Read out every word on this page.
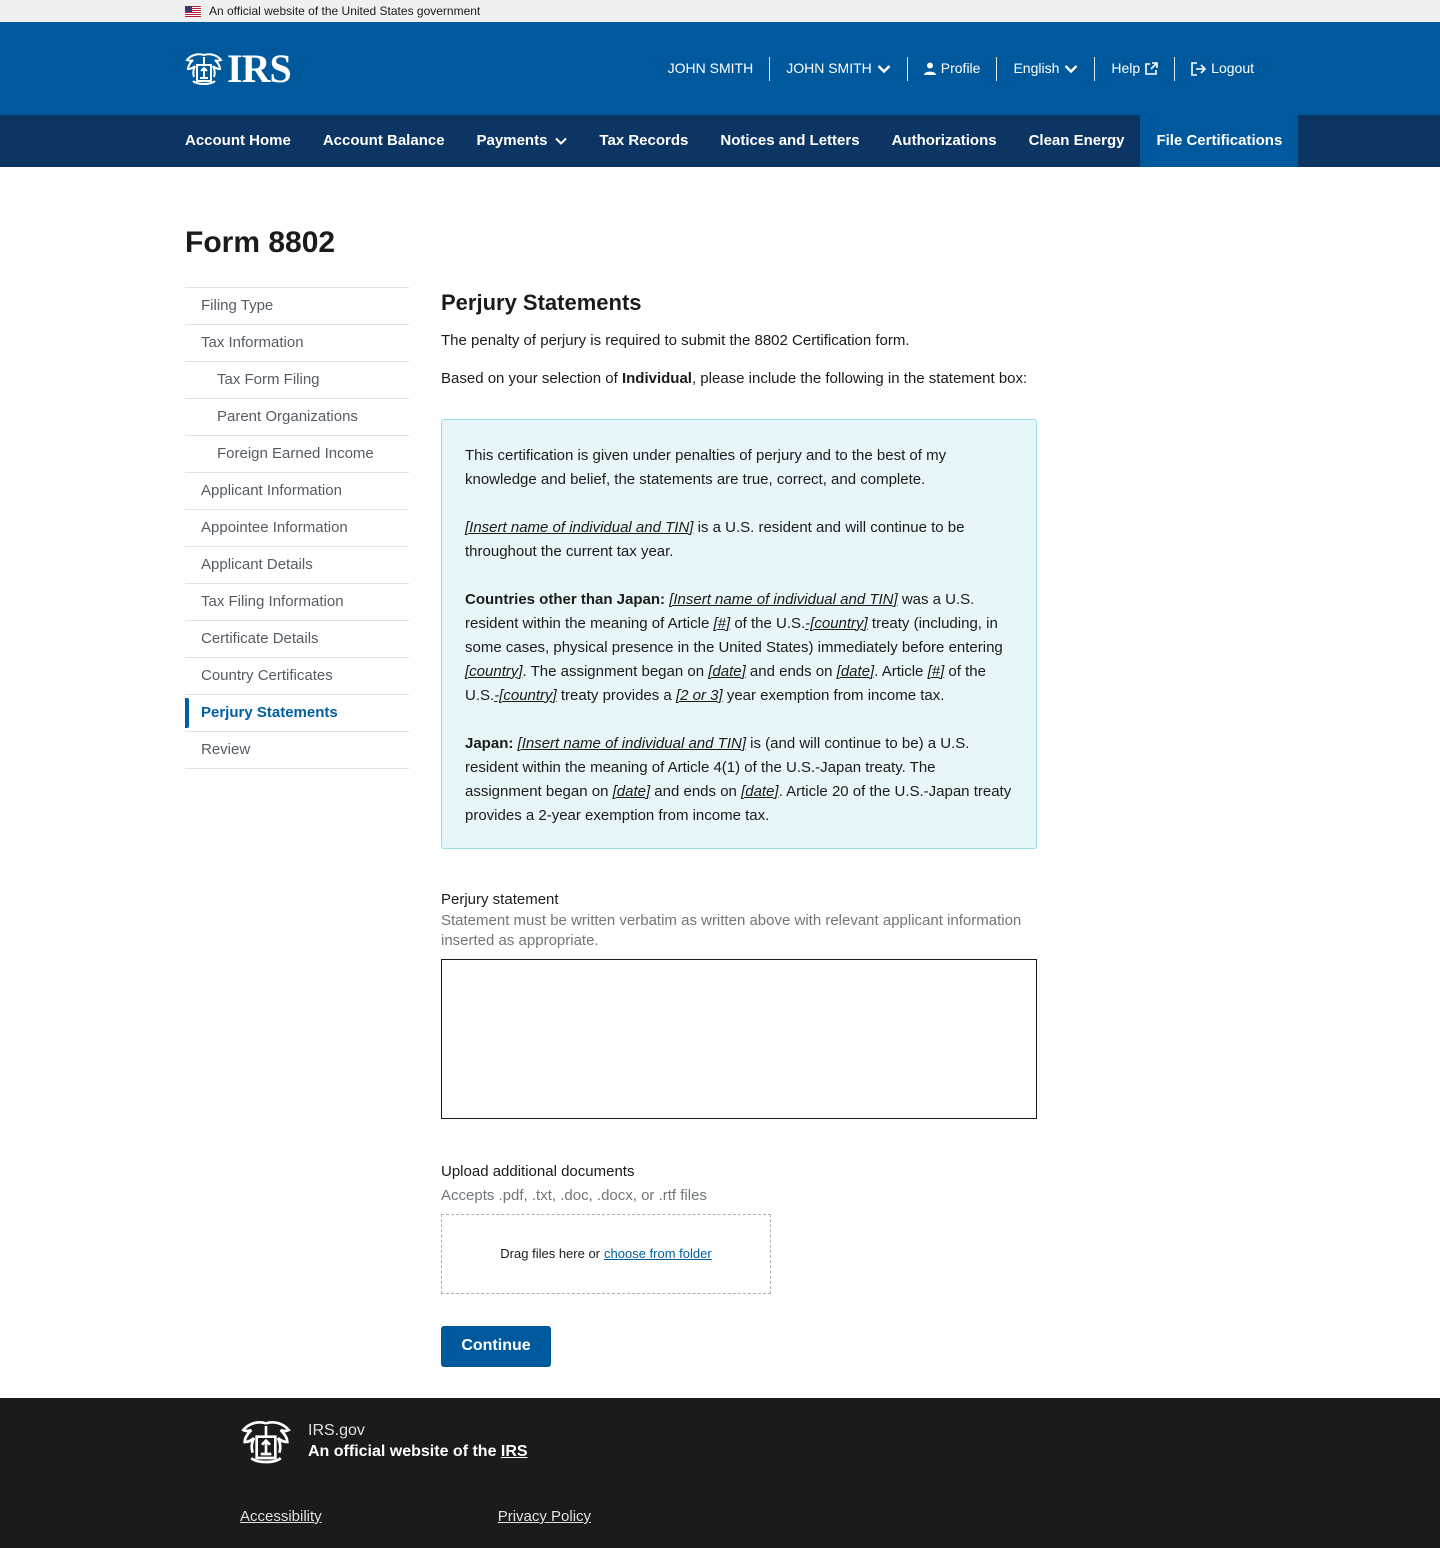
An official website of the United States government
IRS	JOHN SMITH JOHN SMITH	Profile English	Help	Logout
Account Home Account Balance Payments	Tax Records Notices and Letters Authorizations Clean Energy File Certifications
Form 8802
Filing Type
Tax Information
Tax Form Filing
Parent Organizations
Foreign Earned Income
Applicant Information
Appointee Information
Applicant Details
Tax Filing Information
Certificate Details
Country Certificates
Perjury Statements
Review
Perjury Statements

The penalty of perjury is required to submit the 8802 Certification form.

Based on your selection of Individual, please include the following in the statement box:

This certification is given under penalties of perjury and to the best of my knowledge and belief, the statements are true, correct, and complete.

[Insert name of individual and TIN] is a U.S. resident and will continue to be throughout the current tax year.

Countries other than Japan: [Insert name of individual and TIN] was a U.S. resident within the meaning of Article [#] of the U.S.-[country] treaty (including, in some cases, physical presence in the United States) immediately before entering [country]. The assignment began on [date] and ends on [date]. Article [#] of the U.S.-[country] treaty provides a [2 or 3] year exemption from income tax.

Japan: [Insert name of individual and TIN] is (and will continue to be) a U.S. resident within the meaning of Article 4(1) of the U.S.-Japan treaty. The assignment began on [date] and ends on [date]. Article 20 of the U.S.-Japan treaty provides a 2-year exemption from income tax.

Perjury statement
Statement must be written verbatim as written above with relevant applicant information inserted as appropriate.
Upload additional documents
Accepts .pdf, .txt, .doc, .docx, or .rtf files
Drag files here or choose from folder
Continue
IRS.gov
An official website of the IRS
Accessibility	Privacy Policy
